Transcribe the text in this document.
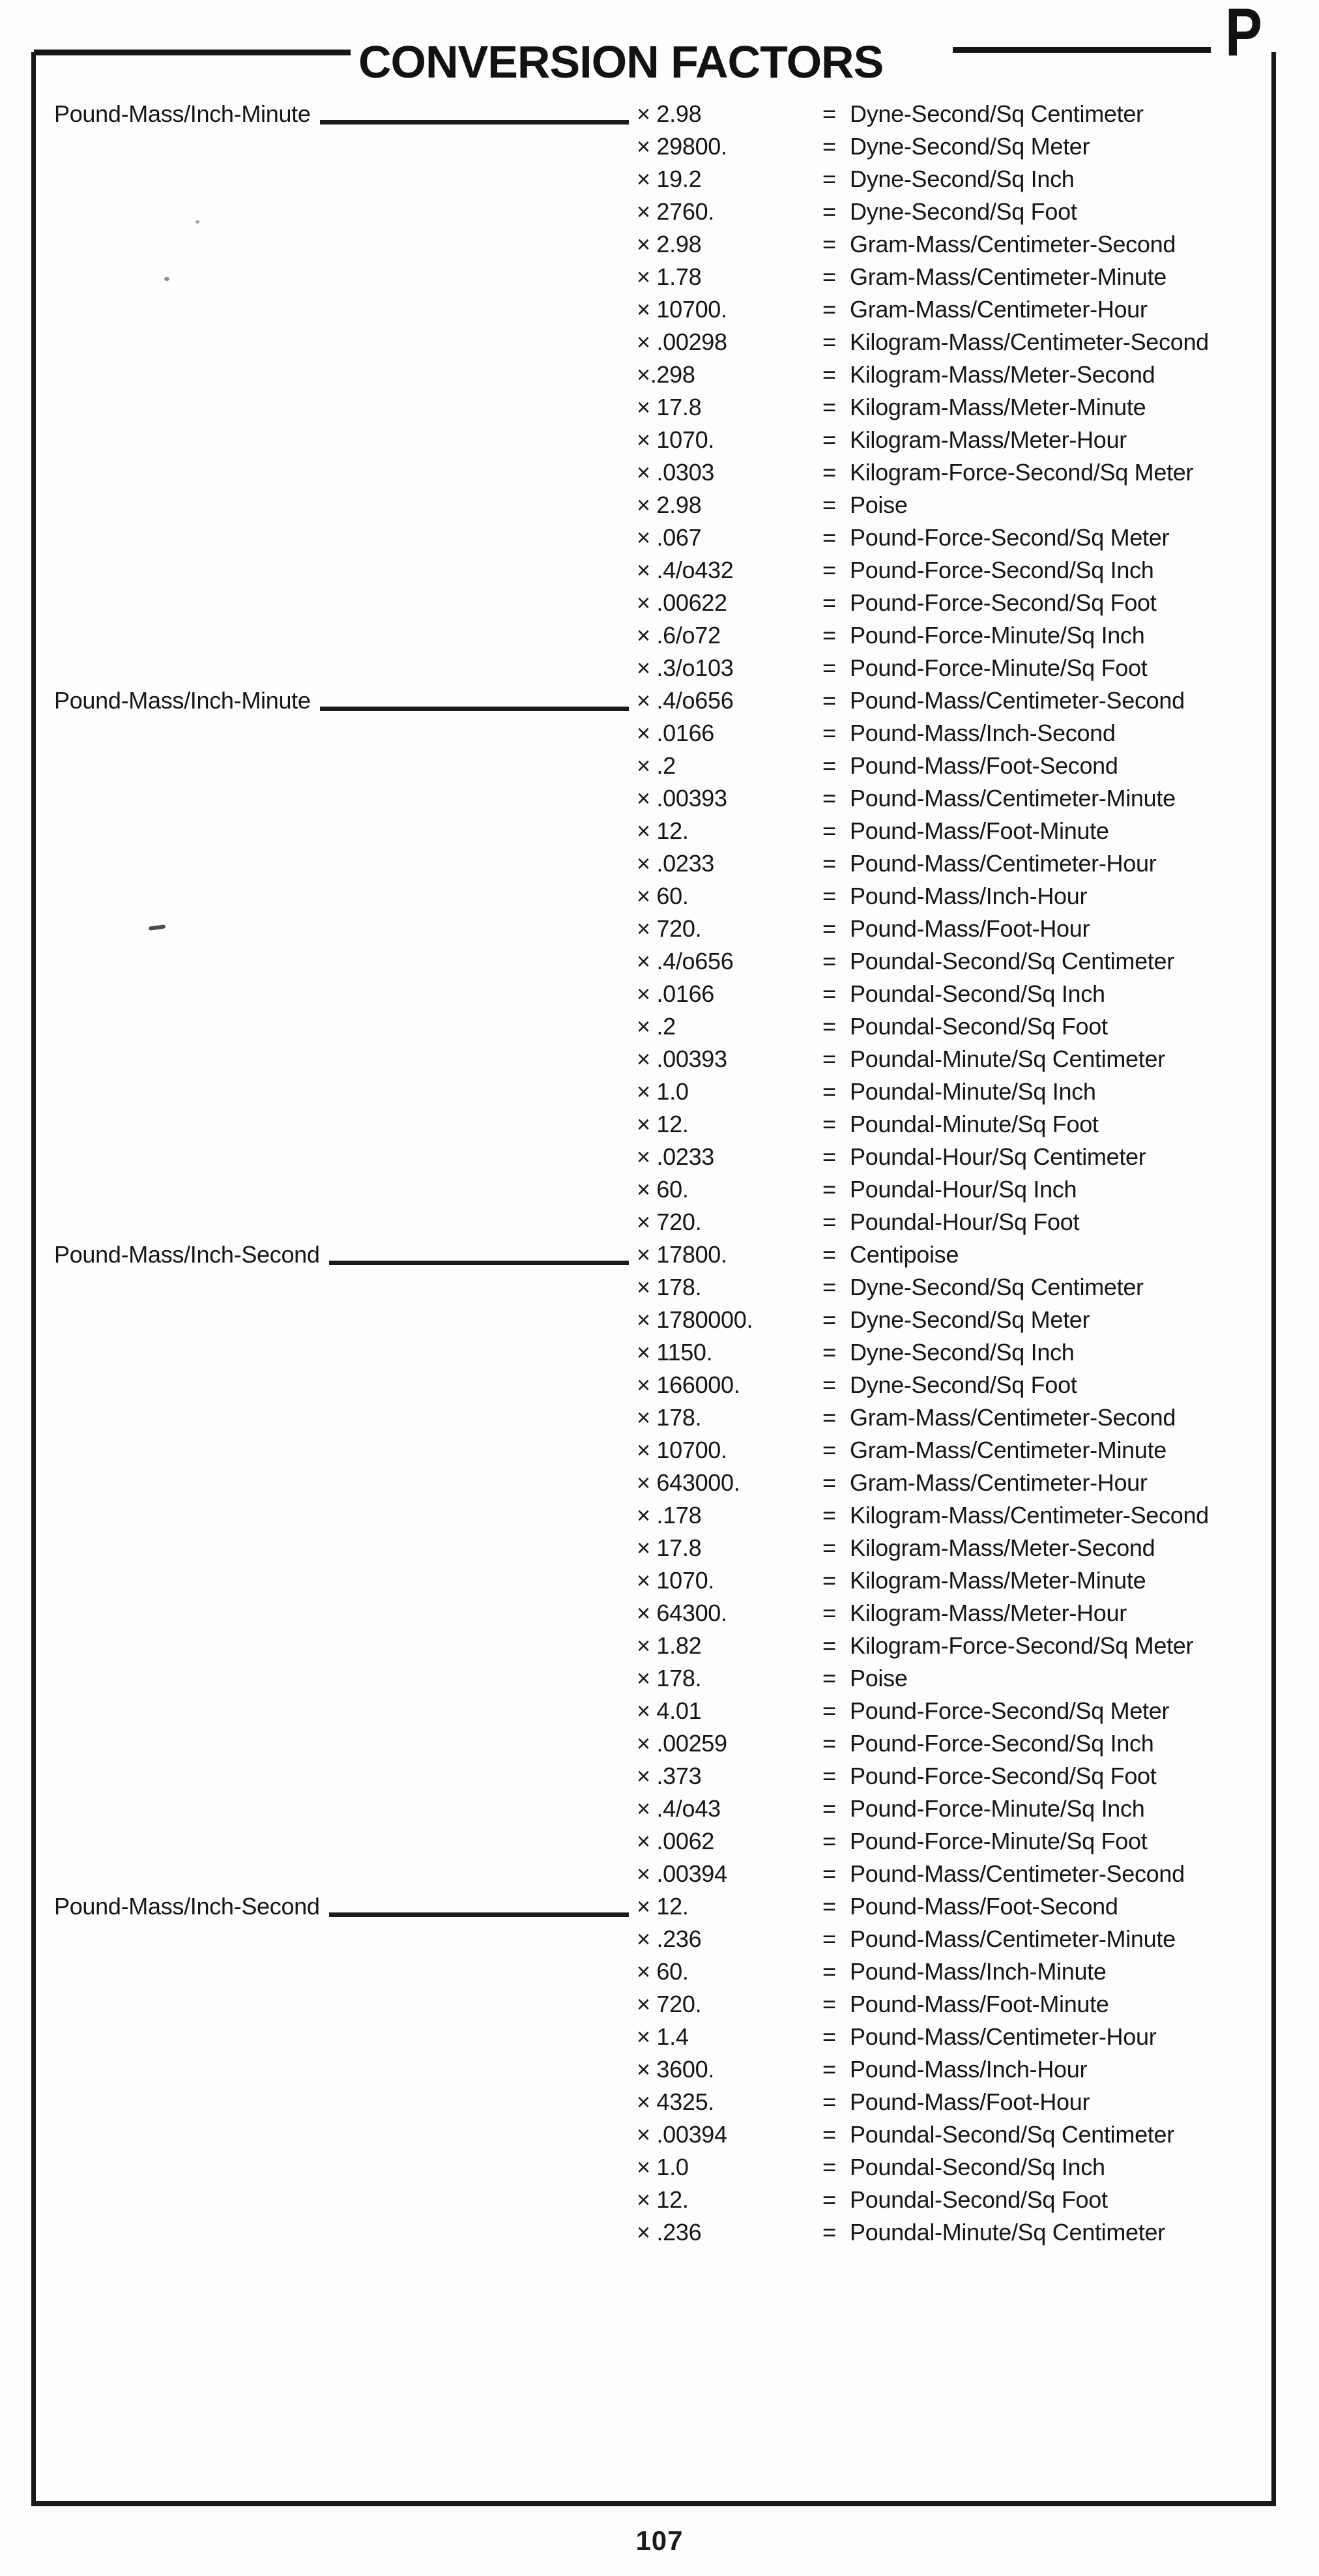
CONVERSION FACTORS	P
Pound-Mass/Inch-Minute	× 2.98	= Dyne-Second/Sq Centimeter
× 29800.	= Dyne-Second/Sq Meter
× 19.2	= Dyne-Second/Sq Inch
× 2760.	= Dyne-Second/Sq Foot
× 2.98	= Gram-Mass/Centimeter-Second
× 1.78	= Gram-Mass/Centimeter-Minute
× 10700.	= Gram-Mass/Centimeter-Hour
× .00298	= Kilogram-Mass/Centimeter-Second
×.298	= Kilogram-Mass/Meter-Second
× 17.8	= Kilogram-Mass/Meter-Minute
× 1070.	= Kilogram-Mass/Meter-Hour
× .0303	= Kilogram-Force-Second/Sq Meter
× 2.98	= Poise
× .067	= Pound-Force-Second/Sq Meter
× .4/o432	= Pound-Force-Second/Sq Inch
× .00622	= Pound-Force-Second/Sq Foot
× .6/o72	= Pound-Force-Minute/Sq Inch
× .3/o103	= Pound-Force-Minute/Sq Foot
Pound-Mass/Inch-Minute	× .4/o656	= Pound-Mass/Centimeter-Second
× .0166	= Pound-Mass/Inch-Second
× .2	= Pound-Mass/Foot-Second
× .00393	= Pound-Mass/Centimeter-Minute
× 12.	= Pound-Mass/Foot-Minute
× .0233	= Pound-Mass/Centimeter-Hour
× 60.	= Pound-Mass/Inch-Hour
× 720.	= Pound-Mass/Foot-Hour
× .4/o656	= Poundal-Second/Sq Centimeter
× .0166	= Poundal-Second/Sq Inch
× .2	= Poundal-Second/Sq Foot
× .00393	= Poundal-Minute/Sq Centimeter
× 1.0	= Poundal-Minute/Sq Inch
× 12.	= Poundal-Minute/Sq Foot
× .0233	= Poundal-Hour/Sq Centimeter
× 60.	= Poundal-Hour/Sq Inch
× 720.	= Poundal-Hour/Sq Foot
Pound-Mass/Inch-Second	× 17800.	= Centipoise
× 178.	= Dyne-Second/Sq Centimeter
× 1780000.	= Dyne-Second/Sq Meter
× 1150.	= Dyne-Second/Sq Inch
× 166000.	= Dyne-Second/Sq Foot
× 178.	= Gram-Mass/Centimeter-Second
× 10700.	= Gram-Mass/Centimeter-Minute
× 643000.	= Gram-Mass/Centimeter-Hour
× .178	= Kilogram-Mass/Centimeter-Second
× 17.8	= Kilogram-Mass/Meter-Second
× 1070.	= Kilogram-Mass/Meter-Minute
× 64300.	= Kilogram-Mass/Meter-Hour
× 1.82	= Kilogram-Force-Second/Sq Meter
× 178.	= Poise
× 4.01	= Pound-Force-Second/Sq Meter
× .00259	= Pound-Force-Second/Sq Inch
× .373	= Pound-Force-Second/Sq Foot
× .4/o43	= Pound-Force-Minute/Sq Inch
× .0062	= Pound-Force-Minute/Sq Foot
× .00394	= Pound-Mass/Centimeter-Second
Pound-Mass/Inch-Second	× 12.	= Pound-Mass/Foot-Second
× .236	= Pound-Mass/Centimeter-Minute
× 60.	= Pound-Mass/Inch-Minute
× 720.	= Pound-Mass/Foot-Minute
× 1.4	= Pound-Mass/Centimeter-Hour
× 3600.	= Pound-Mass/Inch-Hour
× 4325.	= Pound-Mass/Foot-Hour
× .00394	= Poundal-Second/Sq Centimeter
× 1.0	= Poundal-Second/Sq Inch
× 12.	= Poundal-Second/Sq Foot
× .236	= Poundal-Minute/Sq Centimeter
107
